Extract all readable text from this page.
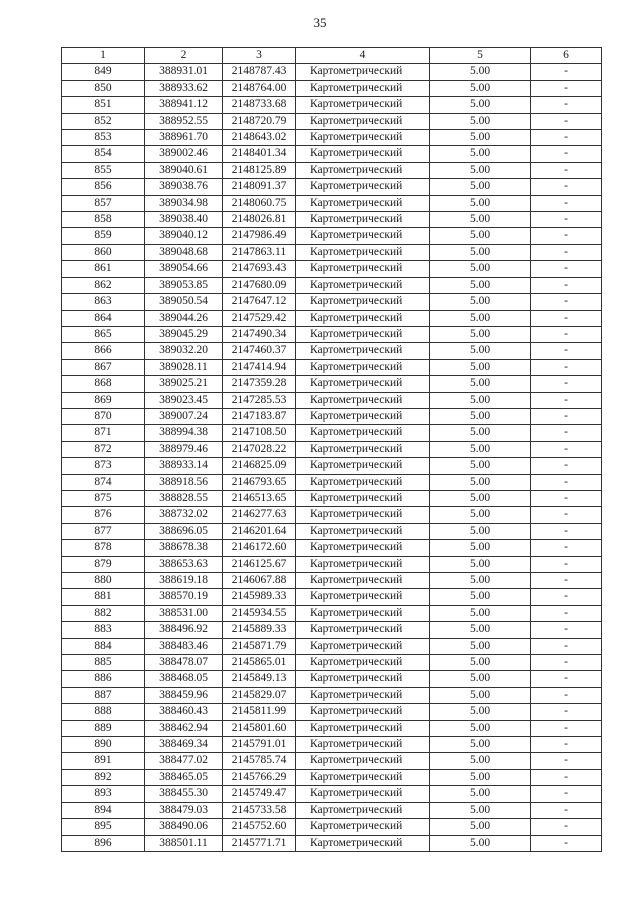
35
1	2	3	4	5	6
849	388931.01	2148787.43	Картометрический	5.00	-
850	388933.62	2148764.00	Картометрический	5.00	-
851	388941.12	2148733.68	Картометрический	5.00	-
852	388952.55	2148720.79	Картометрический	5.00	-
853	388961.70	2148643.02	Картометрический	5.00	-
854	389002.46	2148401.34	Картометрический	5.00	-
855	389040.61	2148125.89	Картометрический	5.00	-
856	389038.76	2148091.37	Картометрический	5.00	-
857	389034.98	2148060.75	Картометрический	5.00	-
858	389038.40	2148026.81	Картометрический	5.00	-
859	389040.12	2147986.49	Картометрический	5.00	-
860	389048.68	2147863.11	Картометрический	5.00	-
861	389054.66	2147693.43	Картометрический	5.00	-
862	389053.85	2147680.09	Картометрический	5.00	-
863	389050.54	2147647.12	Картометрический	5.00	-
864	389044.26	2147529.42	Картометрический	5.00	-
865	389045.29	2147490.34	Картометрический	5.00	-
866	389032.20	2147460.37	Картометрический	5.00	-
867	389028.11	2147414.94	Картометрический	5.00	-
868	389025.21	2147359.28	Картометрический	5.00	-
869	389023.45	2147285.53	Картометрический	5.00	-
870	389007.24	2147183.87	Картометрический	5.00	-
871	388994.38	2147108.50	Картометрический	5.00	-
872	388979.46	2147028.22	Картометрический	5.00	-
873	388933.14	2146825.09	Картометрический	5.00	-
874	388918.56	2146793.65	Картометрический	5.00	-
875	388828.55	2146513.65	Картометрический	5.00	-
876	388732.02	2146277.63	Картометрический	5.00	-
877	388696.05	2146201.64	Картометрический	5.00	-
878	388678.38	2146172.60	Картометрический	5.00	-
879	388653.63	2146125.67	Картометрический	5.00	-
880	388619.18	2146067.88	Картометрический	5.00	-
881	388570.19	2145989.33	Картометрический	5.00	-
882	388531.00	2145934.55	Картометрический	5.00	-
883	388496.92	2145889.33	Картометрический	5.00	-
884	388483.46	2145871.79	Картометрический	5.00	-
885	388478.07	2145865.01	Картометрический	5.00	-
886	388468.05	2145849.13	Картометрический	5.00	-
887	388459.96	2145829.07	Картометрический	5.00	-
888	388460.43	2145811.99	Картометрический	5.00	-
889	388462.94	2145801.60	Картометрический	5.00	-
890	388469.34	2145791.01	Картометрический	5.00	-
891	388477.02	2145785.74	Картометрический	5.00	-
892	388465.05	2145766.29	Картометрический	5.00	-
893	388455.30	2145749.47	Картометрический	5.00	-
894	388479.03	2145733.58	Картометрический	5.00	-
895	388490.06	2145752.60	Картометрический	5.00	-
896	388501.11	2145771.71	Картометрический	5.00	-
